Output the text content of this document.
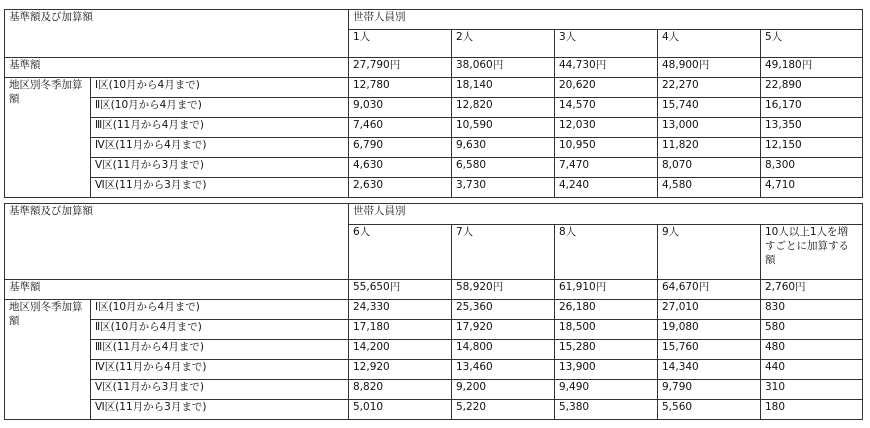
基準額及び加算額		世帯人員別				
		1人	2人	3人	4人	5人
基準額		27,790円	38,060円	44,730円	48,900円	49,180円
地区別冬季加算額	Ⅰ区(10月から4月まで)	12,780	18,140	20,620	22,270	22,890
	Ⅱ区(10月から4月まで)	9,030	12,820	14,570	15,740	16,170
	Ⅲ区(11月から4月まで)	7,460	10,590	12,030	13,000	13,350
	Ⅳ区(11月から4月まで)	6,790	9,630	10,950	11,820	12,150
	Ⅴ区(11月から3月まで)	4,630	6,580	7,470	8,070	8,300
	Ⅵ区(11月から3月まで)	2,630	3,730	4,240	4,580	4,710
基準額及び加算額		世帯人員別				
		6人	7人	8人	9人	10人以上1人を増すごとに加算する額
基準額		55,650円	58,920円	61,910円	64,670円	2,760円
地区別冬季加算額	Ⅰ区(10月から4月まで)	24,330	25,360	26,180	27,010	830
	Ⅱ区(10月から4月まで)	17,180	17,920	18,500	19,080	580
	Ⅲ区(11月から4月まで)	14,200	14,800	15,280	15,760	480
	Ⅳ区(11月から4月まで)	12,920	13,460	13,900	14,340	440
	Ⅴ区(11月から3月まで)	8,820	9,200	9,490	9,790	310
	Ⅵ区(11月から3月まで)	5,010	5,220	5,380	5,560	180
